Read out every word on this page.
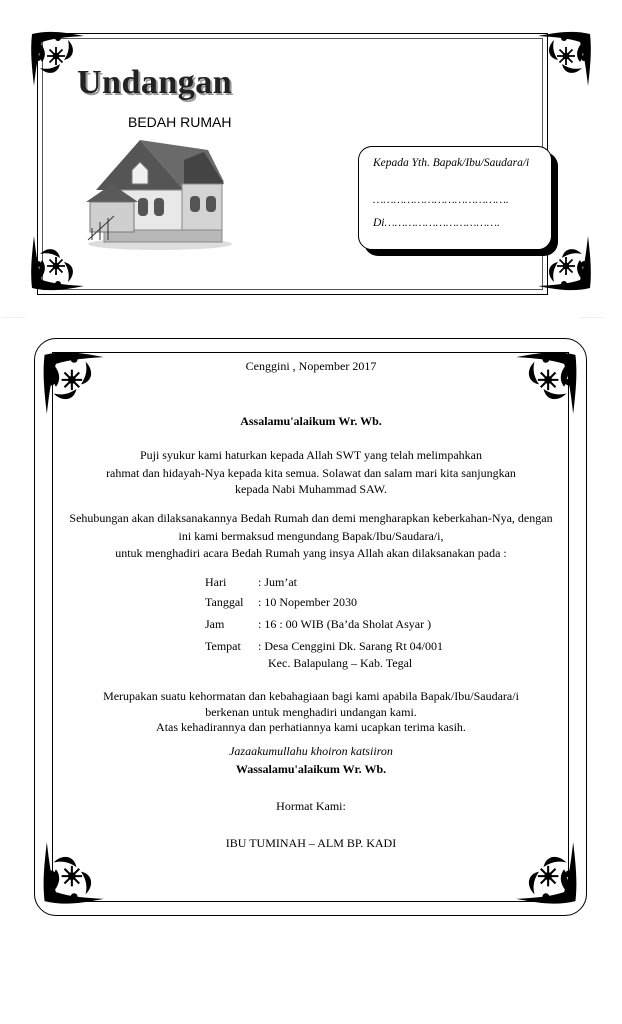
Undangan
BEDAH RUMAH
Kepada Yth. Bapak/Ibu/Saudara/i
………………………………….
Di…………………………….
- - - - - - - - - - - - - -	- - - - - - - - - - - - - -
Cenggini , Nopember 2017
Assalamu'alaikum Wr. Wb.
Puji syukur kami haturkan kepada Allah SWT yang telah melimpahkan
rahmat dan hidayah-Nya kepada kita semua. Solawat dan salam mari kita sanjungkan
kepada Nabi Muhammad SAW.
Sehubungan akan dilaksanakannya Bedah Rumah dan demi mengharapkan keberkahan-Nya, dengan
ini kami bermaksud mengundang Bapak/Ibu/Saudara/i,
untuk menghadiri acara Bedah Rumah yang insya Allah akan dilaksanakan pada :
Hari	: Jum’at
Tanggal : 10 Nopember 2030
Jam	: 16 : 00 WIB (Ba’da Sholat Asyar )
Tempat : Desa Cenggini Dk. Sarang Rt 04/001
Kec. Balapulang – Kab. Tegal
Merupakan suatu kehormatan dan kebahagiaan bagi kami apabila Bapak/Ibu/Saudara/i
berkenan untuk menghadiri undangan kami.
Atas kehadirannya dan perhatiannya kami ucapkan terima kasih.
Jazaakumullahu khoiron katsiiron
Wassalamu'alaikum Wr. Wb.
Hormat Kami:
IBU TUMINAH – ALM BP. KADI
